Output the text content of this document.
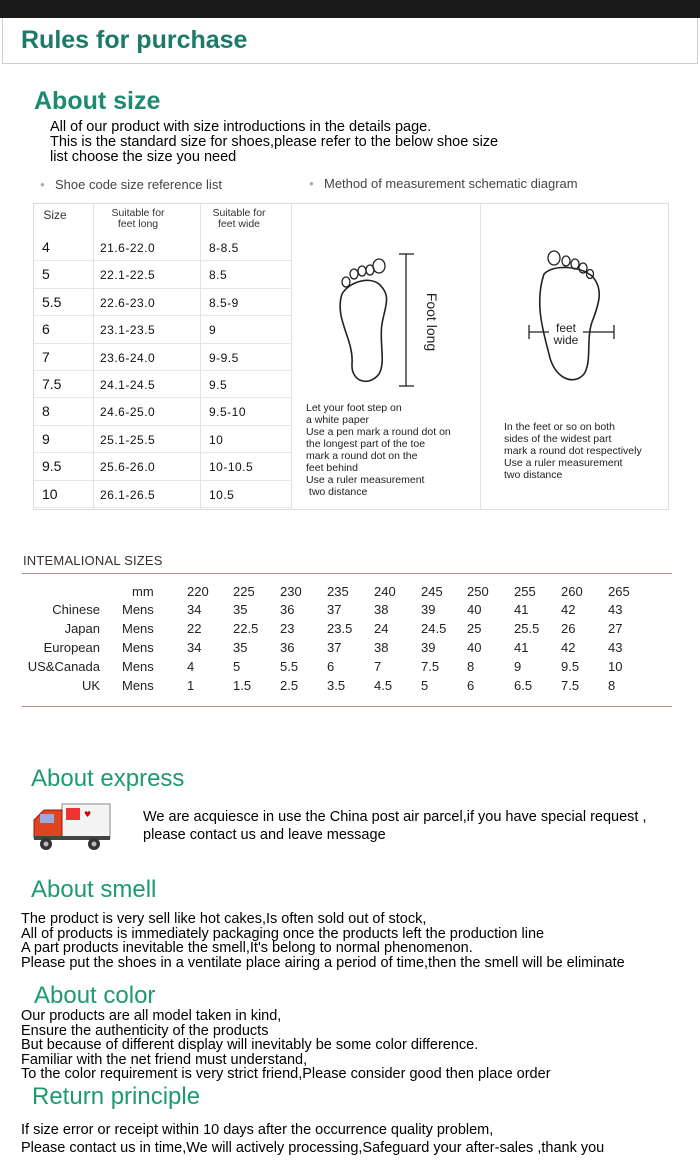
Rules for purchase
About size
All of our product with size introductions in the details page.
This is the standard size for shoes,please refer to the below shoe size
list choose the size you need
● Shoe code size reference list
●	Method of measurement schematic diagram
Size	Suitable for
feet long
Suitable for
feet wide
4	21.6-22.0	8-8.5
5	22.1-22.5	8.5
5.5	22.6-23.0	8.5-9
6	23.1-23.5	9
7	23.6-24.0	9-9.5
7.5	24.1-24.5	9.5
8	24.6-25.0	9.5-10
9	25.1-25.5	10
9.5	25.6-26.0	10-10.5
10	26.1-26.5	10.5
Foot long	feet
wide
Let your foot step on
a white paper
Use a pen mark a round dot on
the longest part of the toe
mark a round dot on the
feet behind
Use a ruler measurement
two distance
In the feet or so on both
sides of the widest part
mark a round dot respectively
Use a ruler measurement
two distance
INTEMALIONAL SIZES
mm	220 225 230 235 240 245 250 255 260 265
Chinese Mens	34 35	36	37	38	39 40	41	42	43
Japan Mens	22 22.5 23	23.5 24	24.5 25	25.5 26	27
European Mens	34 35	36	37	38	39 40	41	42	43
US&Canada Mens	4	5	5.5 6	7	7.5 8	9	9.5 10
UK Mens	1	1.5 2.5 3.5 4.5 5	6	6.5 7.5 8
About express
♥	We are acquiesce in use the China post air parcel,if you have special request ,
please contact us and leave message
About smell
The product is very sell like hot cakes,Is often sold out of stock,
All of products is immediately packaging once the products left the production line
A part products inevitable the smell,It's belong to normal phenomenon.
Please put the shoes in a ventilate place airing a period of time,then the smell will be eliminate
About color
Our products are all model taken in kind,
Ensure the authenticity of the products
But because of different display will inevitably be some color difference.
Familiar with the net friend must understand,
To the color requirement is very strict friend,Please consider good then place order
Return principle
If size error or receipt within 10 days after the occurrence quality problem,
Please contact us in time,We will actively processing,Safeguard your after-sales ,thank you
